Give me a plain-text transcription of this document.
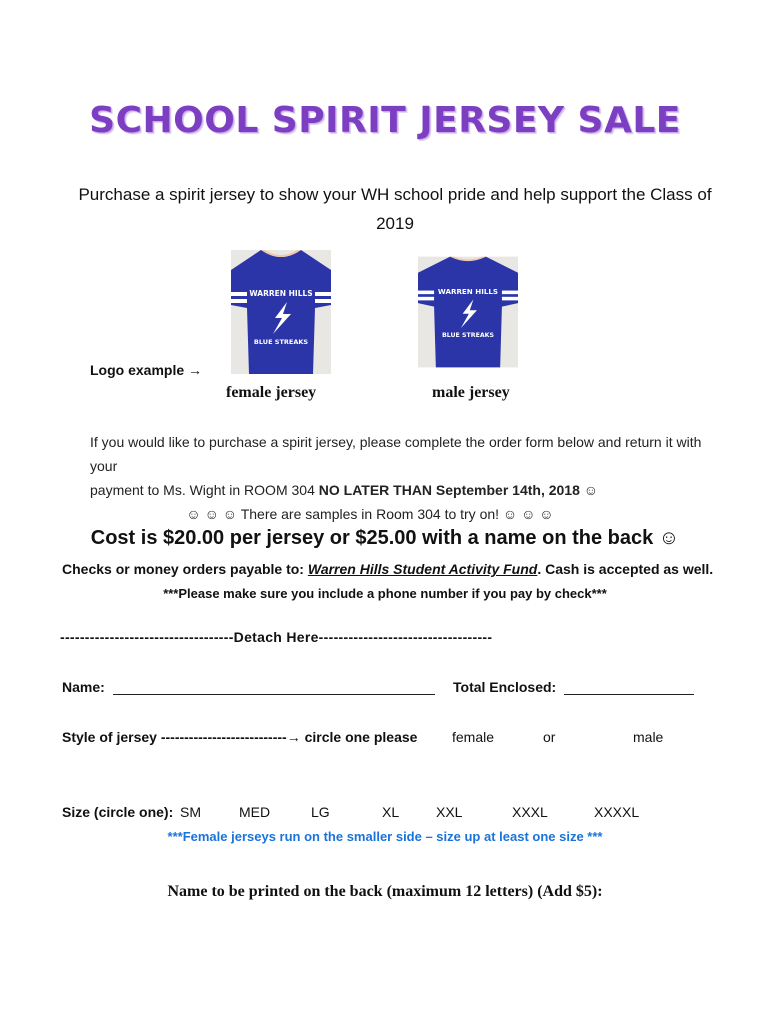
SCHOOL SPIRIT JERSEY SALE
Purchase a spirit jersey to show your WH school pride and help support the Class of 2019
WARREN HILLS
BLUE STREAKS
WARREN HILLS
BLUE STREAKS
Logo example →
female jersey	male jersey
If you would like to purchase a spirit jersey, please complete the order form below and return it with your
payment to Ms. Wight in ROOM 304 NO LATER THAN September 14th, 2018 ☺
☺ ☺ ☺ There are samples in Room 304 to try on! ☺ ☺ ☺
Cost is $20.00 per jersey or $25.00 with a name on the back ☺
Checks or money orders payable to: Warren Hills Student Activity Fund. Cash is accepted as well.
***Please make sure you include a phone number if you pay by check***
-----------------------------------Detach Here-----------------------------------
Name:	Total Enclosed:
Style of jersey ---------------------------→ circle one please female	or	male
Size (circle one): SM	MED	LG	XL	XXL	XXXL	XXXXL
***Female jerseys run on the smaller side – size up at least one size ***
Name to be printed on the back (maximum 12 letters) (Add $5):
